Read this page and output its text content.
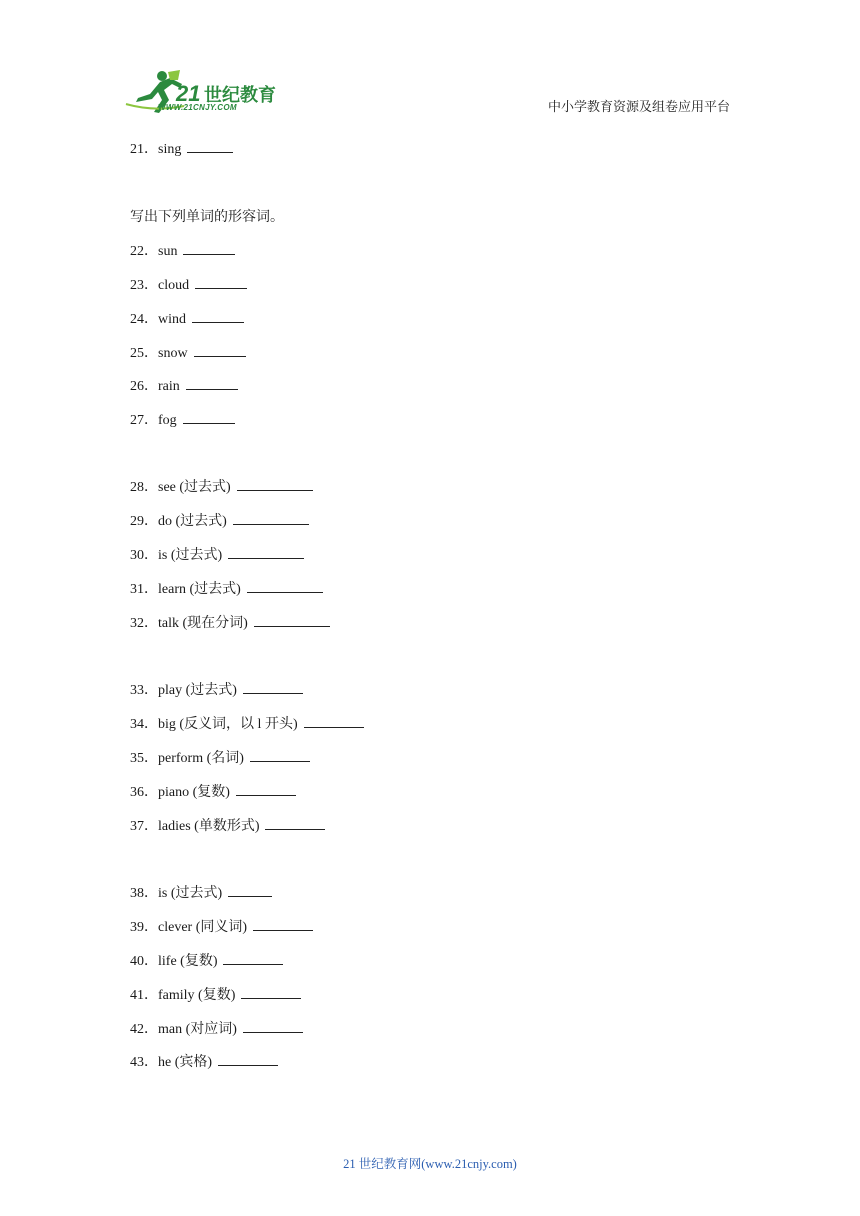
21 世纪教育
WWW.21CNJY.COM	中小学教育资源及组卷应用平台
21．sing
写出下列单词的形容词。
22．sun
23．cloud
24．wind
25．snow
26．rain
27．fog
28．see (过去式)
29．do (过去式)
30．is (过去式)
31．learn (过去式)
32．talk (现在分词)
33．play (过去式)
34．big (反义词，以 l 开头)
35．perform (名词)
36．piano (复数)
37．ladies (单数形式)
38．is (过去式)
39．clever (同义词)
40．life (复数)
41．family (复数)
42．man (对应词)
43．he (宾格)
21 世纪教育网(www.21cnjy.com)
